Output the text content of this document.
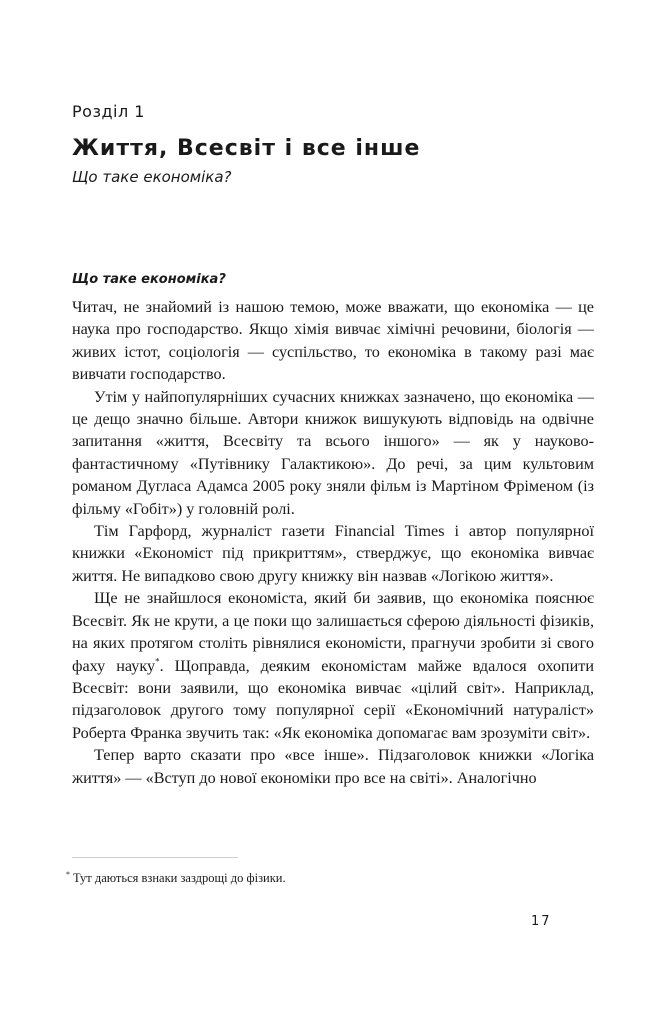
Розділ 1
Життя, Всесвіт і все інше
Що таке економіка?
Що таке економіка?

Читач, не знайомий із нашою темою, може вважати, що економіка — це наука про господарство. Якщо хімія вивчає хімічні речовини, біологія — живих істот, соціологія — суспільство, то економіка в такому разі має вивчати господарство.

Утім у найпопулярніших сучасних книжках зазначено, що економіка — це дещо значно більше. Автори книжок вишукують відповідь на одвічне запитання «життя, Всесвіту та всього іншого» — як у науково-фантастичному «Путівнику Галактикою». До речі, за цим культовим романом Дугласа Адамса 2005 року зняли фільм із Мартіном Фріменом (із фільму «Гобіт») у головній ролі.

Тім Гарфорд, журналіст газети Financial Times і автор популярної книжки «Економіст під прикриттям», стверджує, що економіка вивчає життя. Не випадково свою другу книжку він назвав «Логікою життя».

Ще не знайшлося економіста, який би заявив, що економіка пояснює Всесвіт. Як не крути, а це поки що залишається сферою діяльності фізиків, на яких протягом століть рівнялися економісти, прагнучи зробити зі свого фаху науку*. Щоправда, деяким економістам майже вдалося охопити Всесвіт: вони заявили, що економіка вивчає «цілий світ». Наприклад, підзаголовок другого тому популярної серії «Економічний натураліст» Роберта Франка звучить так: «Як економіка допомагає вам зрозуміти світ».

Тепер варто сказати про «все інше». Підзаголовок книжки «Логіка життя» — «Вступ до нової економіки про все на світі». Аналогічно

* Тут даються взнаки заздрощі до фізики.
17
